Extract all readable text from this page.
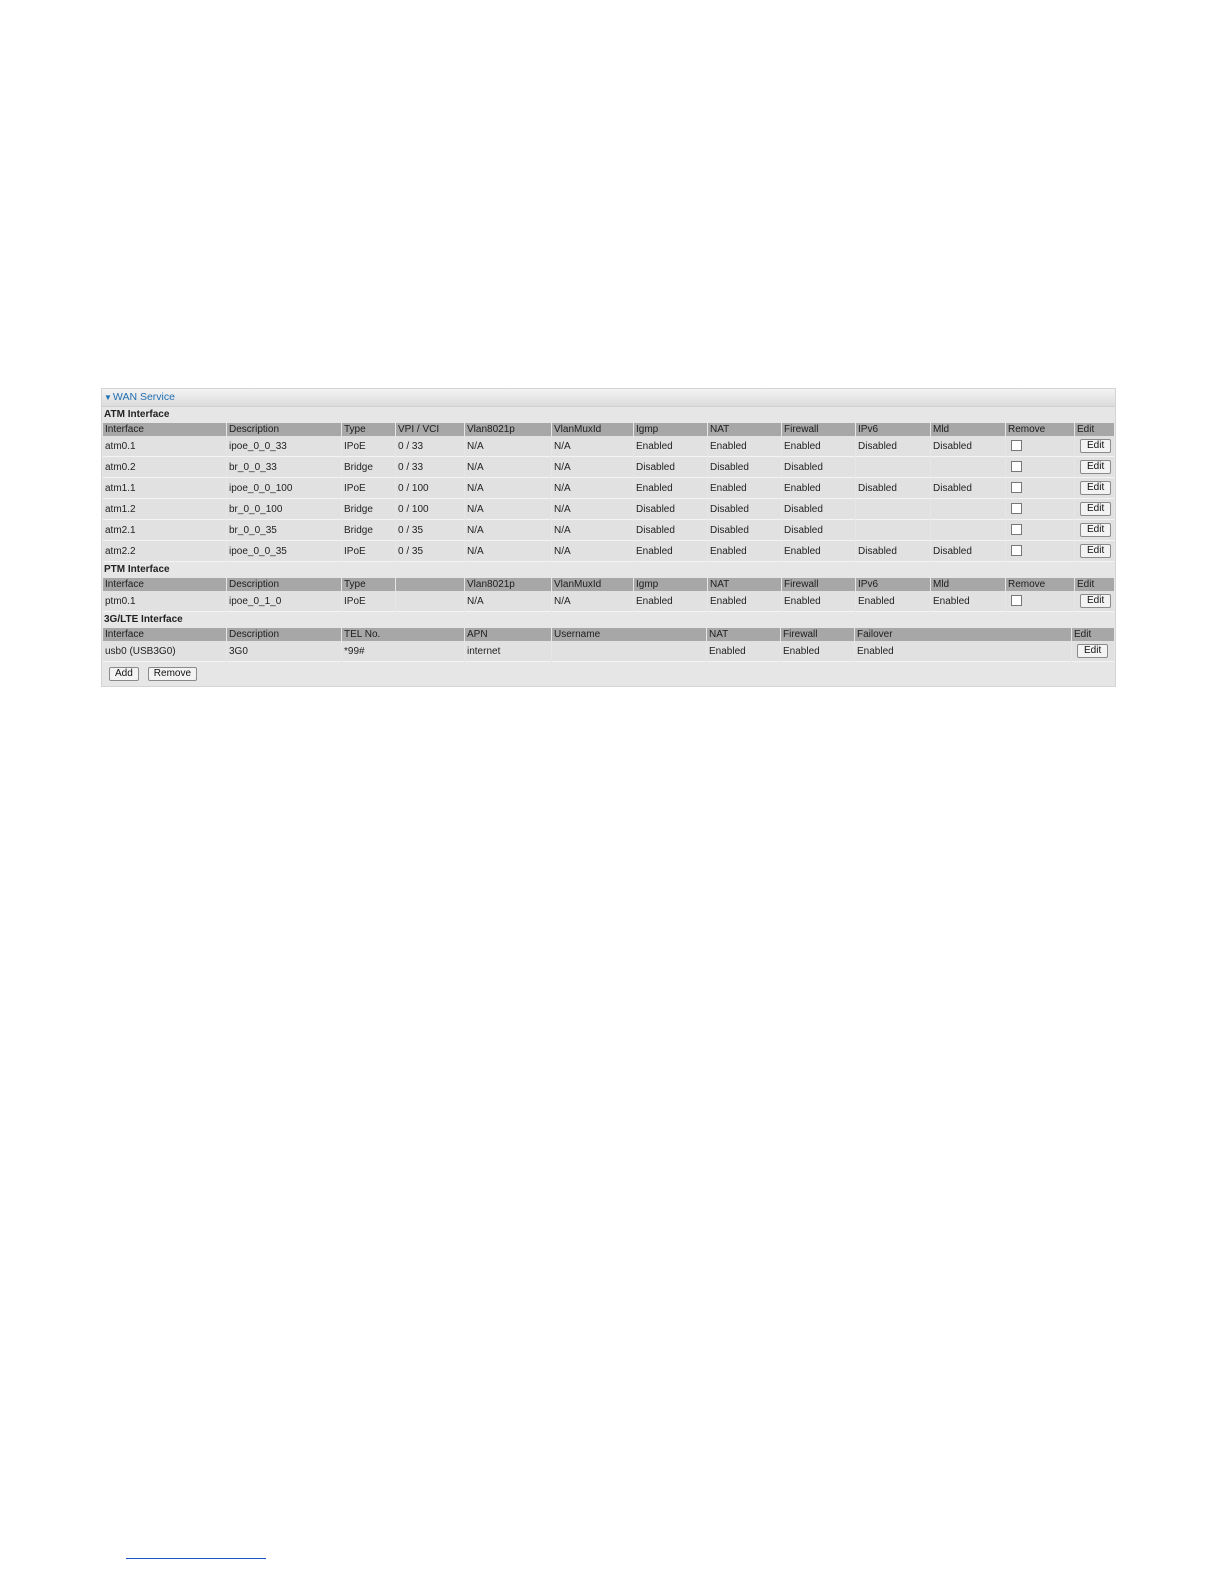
▼WAN Service
ATM Interface
Interface	Description	Type	VPI / VCI	Vlan8021p	VlanMuxId	Igmp	NAT	Firewall	IPv6	Mld	Remove	Edit
atm0.1	ipoe_0_0_33	IPoE	0 / 33	N/A	N/A	Enabled	Enabled	Enabled	Disabled	Disabled		Edit
atm0.2	br_0_0_33	Bridge	0 / 33	N/A	N/A	Disabled	Disabled	Disabled				Edit
atm1.1	ipoe_0_0_100	IPoE	0 / 100	N/A	N/A	Enabled	Enabled	Enabled	Disabled	Disabled		Edit
atm1.2	br_0_0_100	Bridge	0 / 100	N/A	N/A	Disabled	Disabled	Disabled				Edit
atm2.1	br_0_0_35	Bridge	0 / 35	N/A	N/A	Disabled	Disabled	Disabled				Edit
atm2.2	ipoe_0_0_35	IPoE	0 / 35	N/A	N/A	Enabled	Enabled	Enabled	Disabled	Disabled		Edit
PTM Interface
Interface	Description	Type		Vlan8021p	VlanMuxId	Igmp	NAT	Firewall	IPv6	Mld	Remove	Edit
ptm0.1	ipoe_0_1_0	IPoE		N/A	N/A	Enabled	Enabled	Enabled	Enabled	Enabled		Edit
3G/LTE Interface
Interface	Description	TEL No.	APN	Username	NAT	Firewall	Failover	Edit
usb0 (USB3G0)	3G0	*99#	internet		Enabled	Enabled	Enabled	Edit
Add	Remove
